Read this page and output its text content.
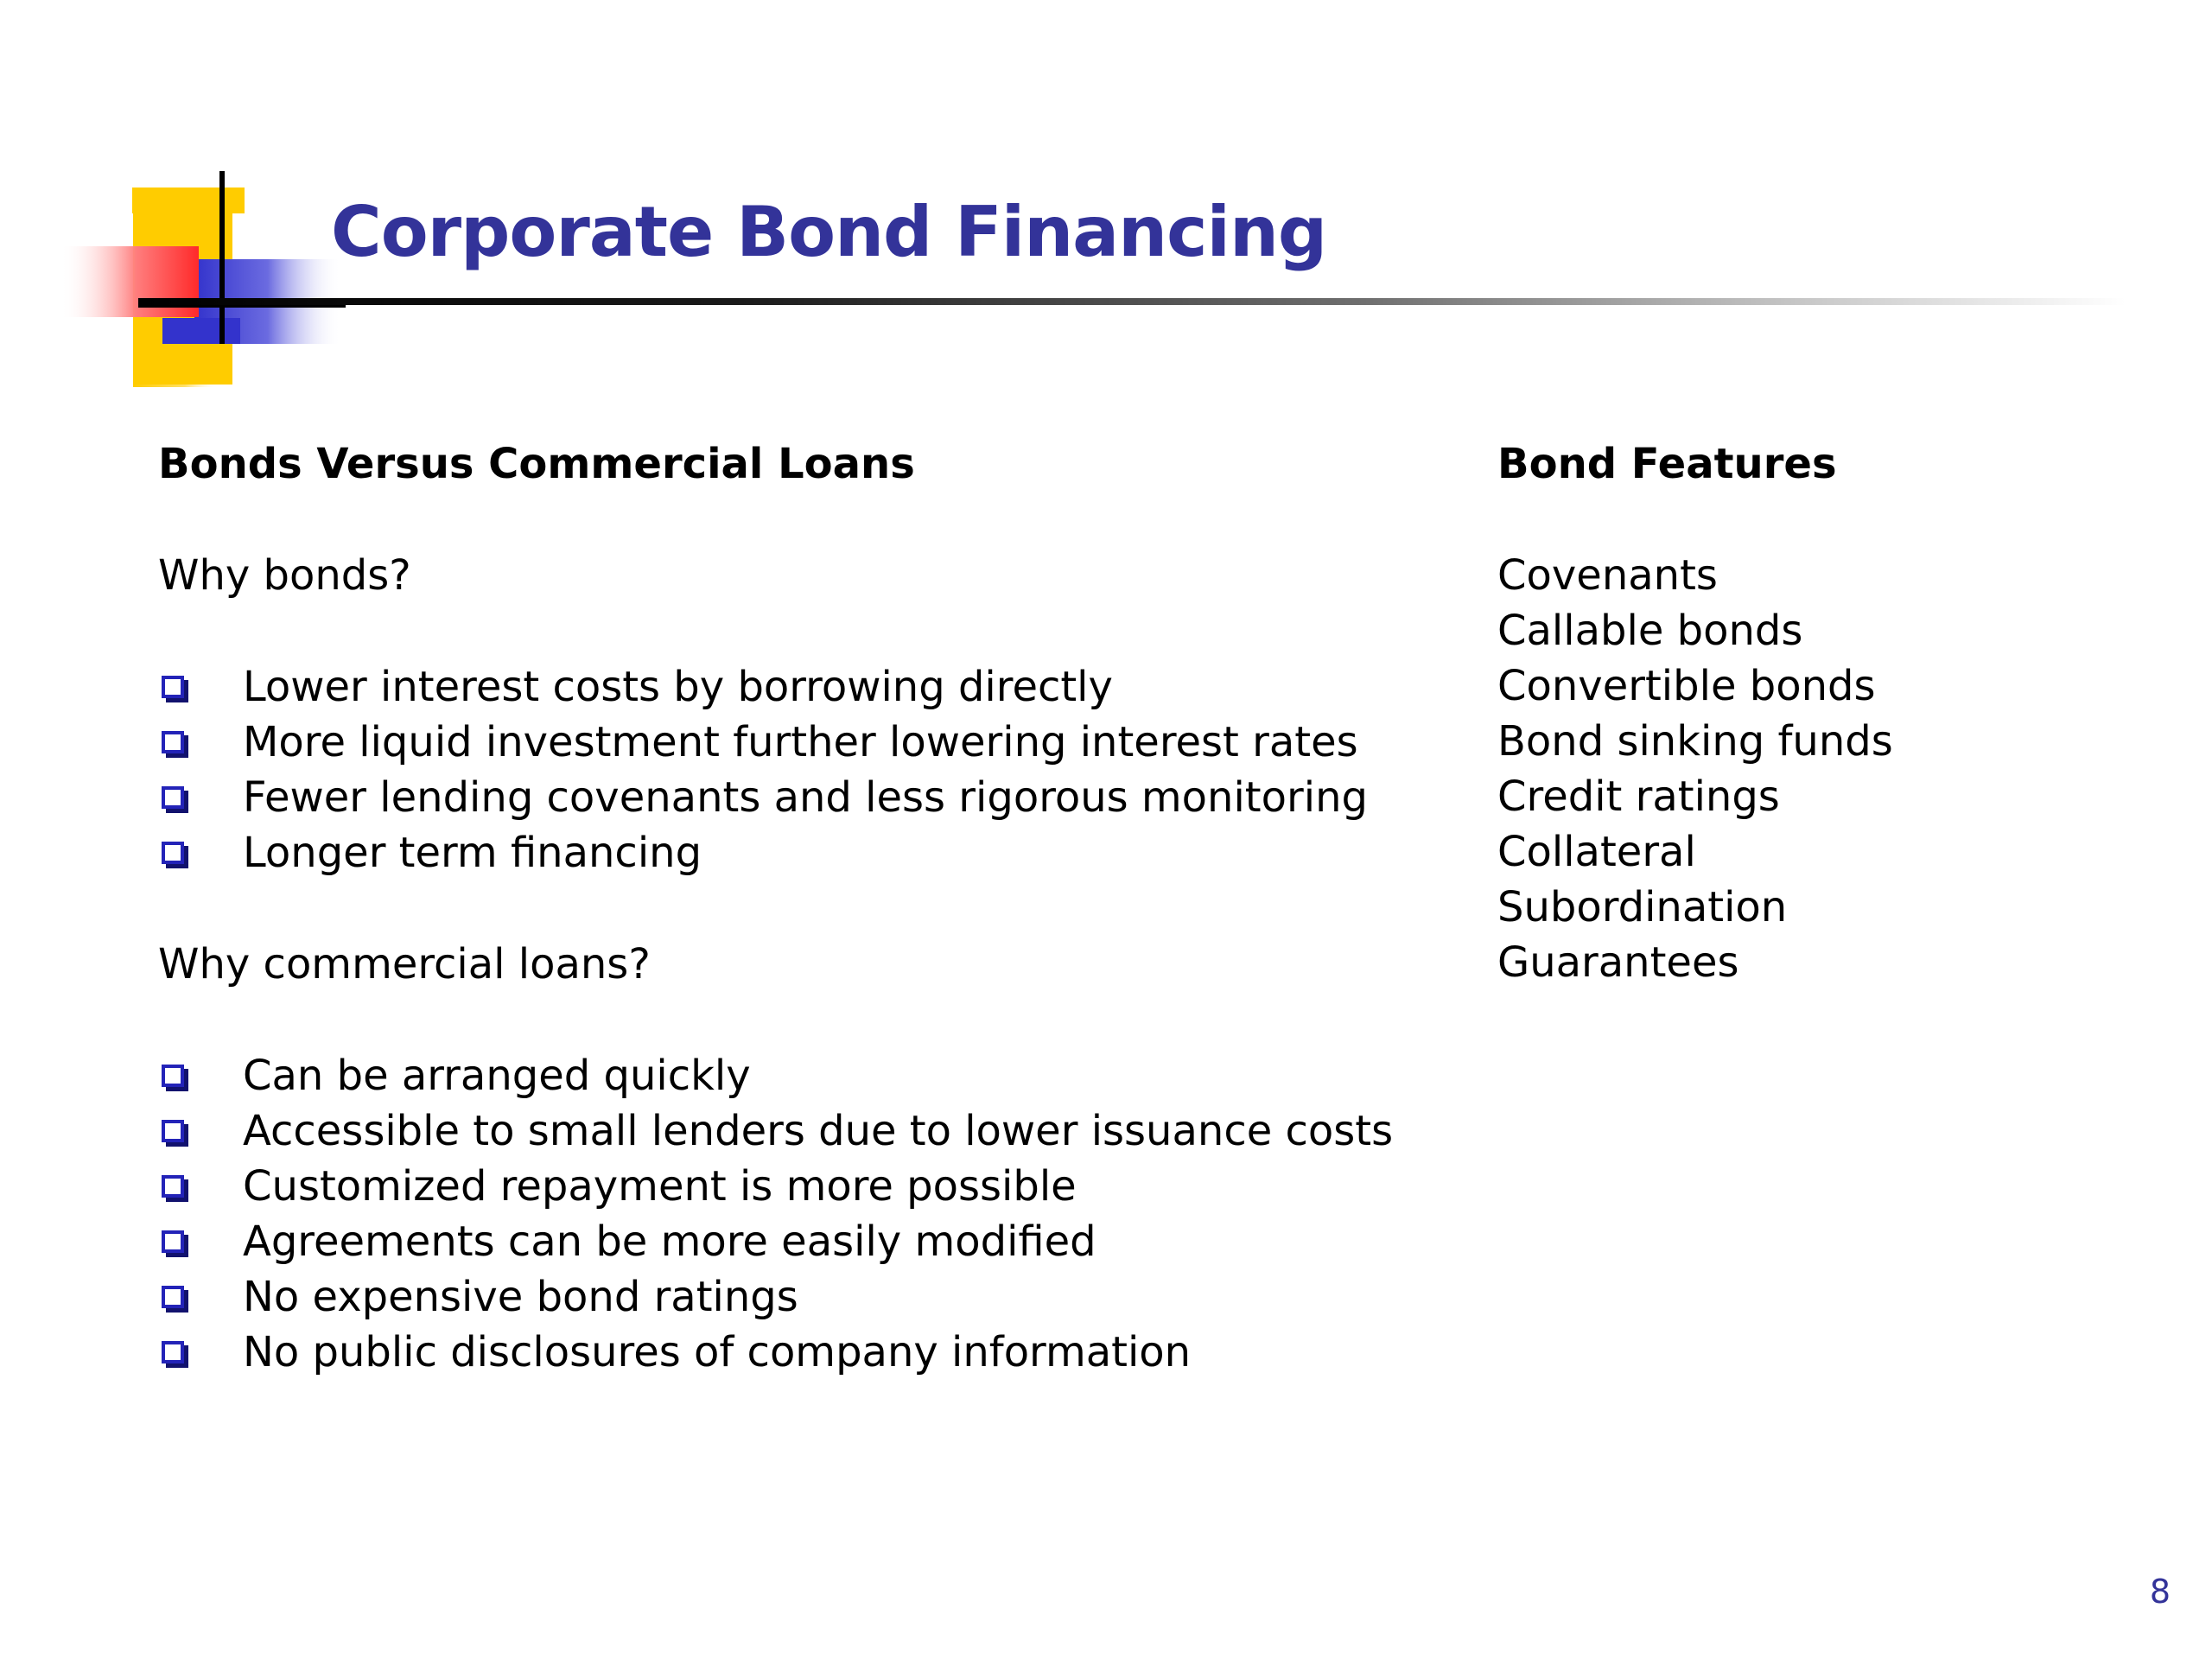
Corporate Bond Financing
Bonds Versus Commercial Loans
Why bonds?
Lower interest costs by borrowing directly
More liquid investment further lowering interest rates
Fewer lending covenants and less rigorous monitoring
Longer term financing
Why commercial loans?
Can be arranged quickly
Accessible to small lenders due to lower issuance costs
Customized repayment is more possible
Agreements can be more easily modified
No expensive bond ratings
No public disclosures of company information
Bond Features
Covenants
Callable bonds
Convertible bonds
Bond sinking funds
Credit ratings
Collateral
Subordination
Guarantees
8
